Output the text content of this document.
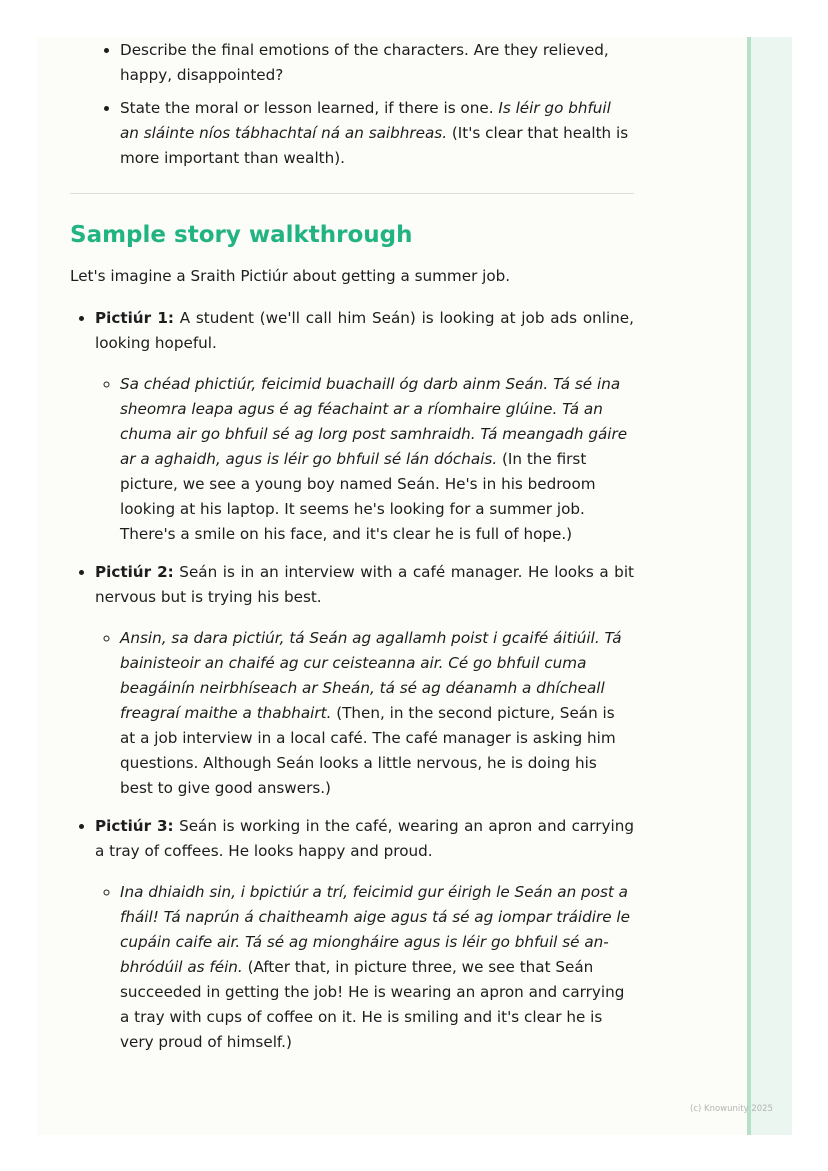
• Describe the final emotions of the characters. Are they relieved, happy, disappointed?
• State the moral or lesson learned, if there is one. Is léir go bhfuil an sláinte níos tábhachtaí ná an saibhreas. (It's clear that health is more important than wealth).
Sample story walkthrough

Let's imagine a Sraith Pictiúr about getting a summer job.

• Pictiúr 1: A student (we'll call him Seán) is looking at job ads online, looking hopeful.
◦ Sa chéad phictiúr, feicimid buachaill óg darb ainm Seán. Tá sé ina sheomra leapa agus é ag féachaint ar a ríomhaire glúine. Tá an chuma air go bhfuil sé ag lorg post samhraidh. Tá meangadh gáire ar a aghaidh, agus is léir go bhfuil sé lán dóchais. (In the first picture, we see a young boy named Seán. He's in his bedroom looking at his laptop. It seems he's looking for a summer job. There's a smile on his face, and it's clear he is full of hope.)
• Pictiúr 2: Seán is in an interview with a café manager. He looks a bit nervous but is trying his best.
◦ Ansin, sa dara pictiúr, tá Seán ag agallamh poist i gcaifé áitiúil. Tá bainisteoir an chaifé ag cur ceisteanna air. Cé go bhfuil cuma beagáinín neirbhíseach ar Sheán, tá sé ag déanamh a dhícheall freagraí maithe a thabhairt. (Then, in the second picture, Seán is at a job interview in a local café. The café manager is asking him questions. Although Seán looks a little nervous, he is doing his best to give good answers.)
• Pictiúr 3: Seán is working in the café, wearing an apron and carrying a tray of coffees. He looks happy and proud.
◦ Ina dhiaidh sin, i bpictiúr a trí, feicimid gur éirigh le Seán an post a fháil! Tá naprún á chaitheamh aige agus tá sé ag iompar tráidire le cupáin caife air. Tá sé ag miongháire agus is léir go bhfuil sé an-bhródúil as féin. (After that, in picture three, we see that Seán succeeded in getting the job! He is wearing an apron and carrying a tray with cups of coffee on it. He is smiling and it's clear he is very proud of himself.)
(c) Knowunity 2025
